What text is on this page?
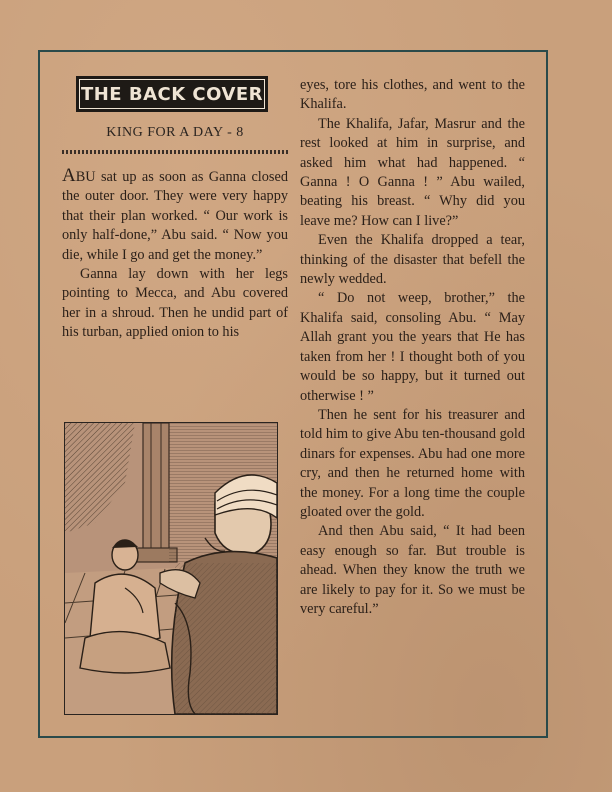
THE BACK COVER
KING FOR A DAY - 8

ABU sat up as soon as Ganna closed the outer door. They were very happy that their plan worked. “ Our work is only half-done,” Abu said. “ Now you die, while I go and get the money.”

Ganna lay down with her legs pointing to Mecca, and Abu covered her in a shroud. Then he undid part of his turban, applied onion to his

eyes, tore his clothes, and went to the Khalifa.

The Khalifa, Jafar, Masrur and the rest looked at him in surprise, and asked him what had happened. “ Ganna ! O Ganna ! ” Abu wailed, beating his breast. “ Why did you leave me? How can I live?”

Even the Khalifa dropped a tear, thinking of the disaster that befell the newly wedded.

“ Do not weep, brother,” the Khalifa said, consoling Abu. “ May Allah grant you the years that He has taken from her ! I thought both of you would be so happy, but it turned out otherwise ! ”

Then he sent for his treasurer and told him to give Abu ten-thousand gold dinars for expenses. Abu had one more cry, and then he returned home with the money. For a long time the couple gloated over the gold.

And then Abu said, “ It had been easy enough so far. But trouble is ahead. When they know the truth we are likely to pay for it. So we must be very careful.”
